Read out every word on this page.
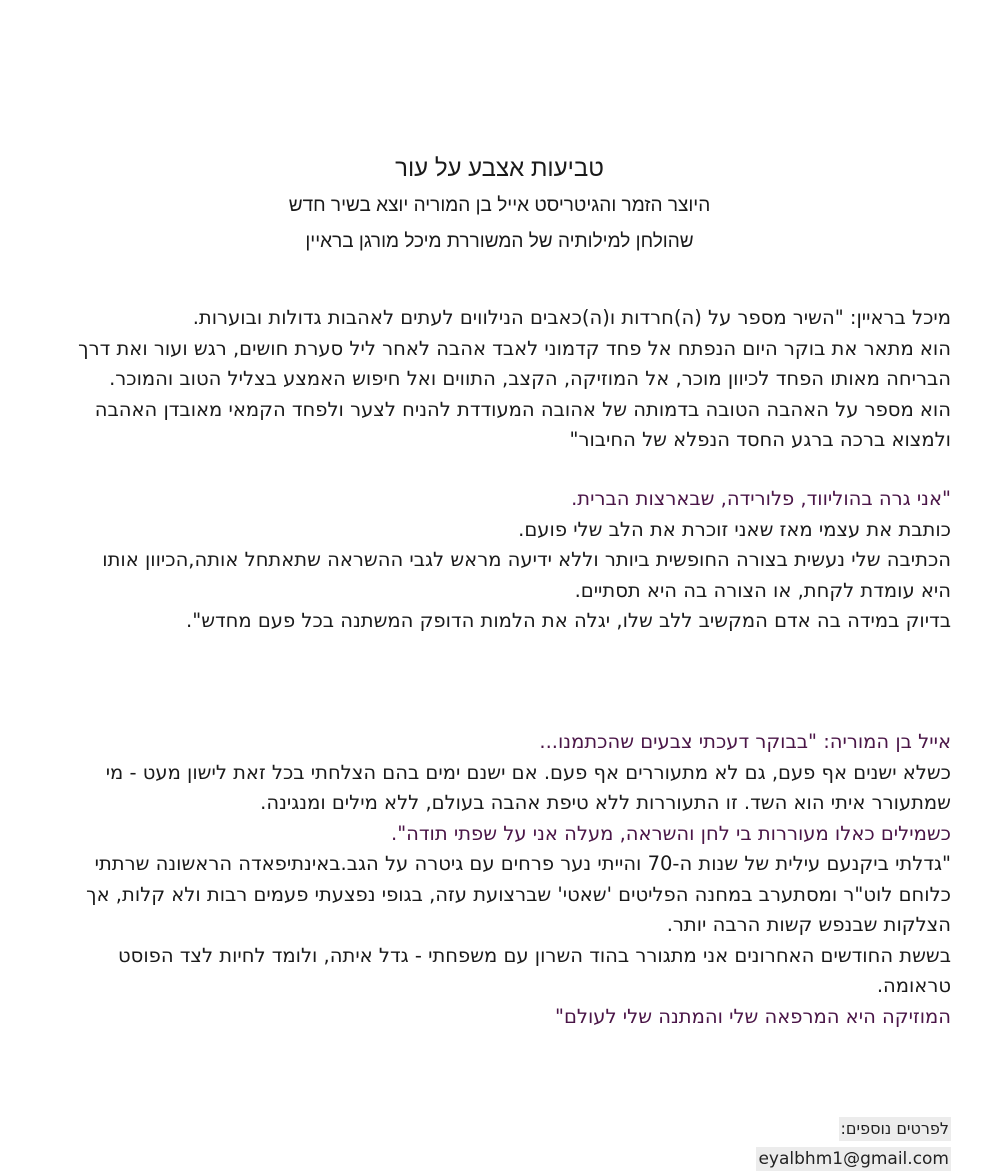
טביעות אצבע על עור
היוצר הזמר והגיטריסט אייל בן המוריה יוצא בשיר חדש
שהולחן למילותיה של המשוררת מיכל מורגן בראיין

מיכל בראיין: "השיר מספר על (ה)חרדות ו(ה)כאבים הנילווים לעתים לאהבות גדולות ובוערות.

הוא מתאר את בוקר היום הנפתח אל פחד קדמוני לאבד אהבה לאחר ליל סערת חושים, רגש ועור ואת דרך

הבריחה מאותו הפחד לכיוון מוכר, אל המוזיקה, הקצב, התווים ואל חיפוש האמצע בצליל הטוב והמוכר.

הוא מספר על האהבה הטובה בדמותה של אהובה המעודדת להניח לצער ולפחד הקמאי מאובדן האהבה

ולמצוא ברכה ברגע החסד הנפלא של החיבור"

"אני גרה בהוליווד, פלורידה, שבארצות הברית.

כותבת את עצמי מאז שאני זוכרת את הלב שלי פועם.

הכתיבה שלי נעשית בצורה החופשית ביותר וללא ידיעה מראש לגבי ההשראה שתאתחל אותה,הכיוון אותו

היא עומדת לקחת, או הצורה בה היא תסתיים.

בדיוק במידה בה אדם המקשיב ללב שלו, יגלה את הלמות הדופק המשתנה בכל פעם מחדש".

אייל בן המוריה: "בבוקר דעכתי צבעים שהכתמנו...

כשלא ישנים אף פעם, גם לא מתעוררים אף פעם. אם ישנם ימים בהם הצלחתי בכל זאת לישון מעט - מי

שמתעורר איתי הוא השד. זו התעוררות ללא טיפת אהבה בעולם, ללא מילים ומנגינה.

כשמילים כאלו מעוררות בי לחן והשראה, מעלה אני על שפתי תודה".

"גדלתי ביקנעם עילית של שנות ה-70 והייתי נער פרחים עם גיטרה על הגב.באינתיפאדה הראשונה שרתתי

כלוחם לוט"ר ומסתערב במחנה הפליטים 'שאטי' שברצועת עזה, בגופי נפצעתי פעמים רבות ולא קלות, אך

הצלקות שבנפש קשות הרבה יותר.

בששת החודשים האחרונים אני מתגורר בהוד השרון עם משפחתי - גדל איתה, ולומד לחיות לצד הפוסט

טראומה.

המוזיקה היא המרפאה שלי והמתנה שלי לעולם"

לפרטים נוספים:
eyalbhm1@gmail.com
